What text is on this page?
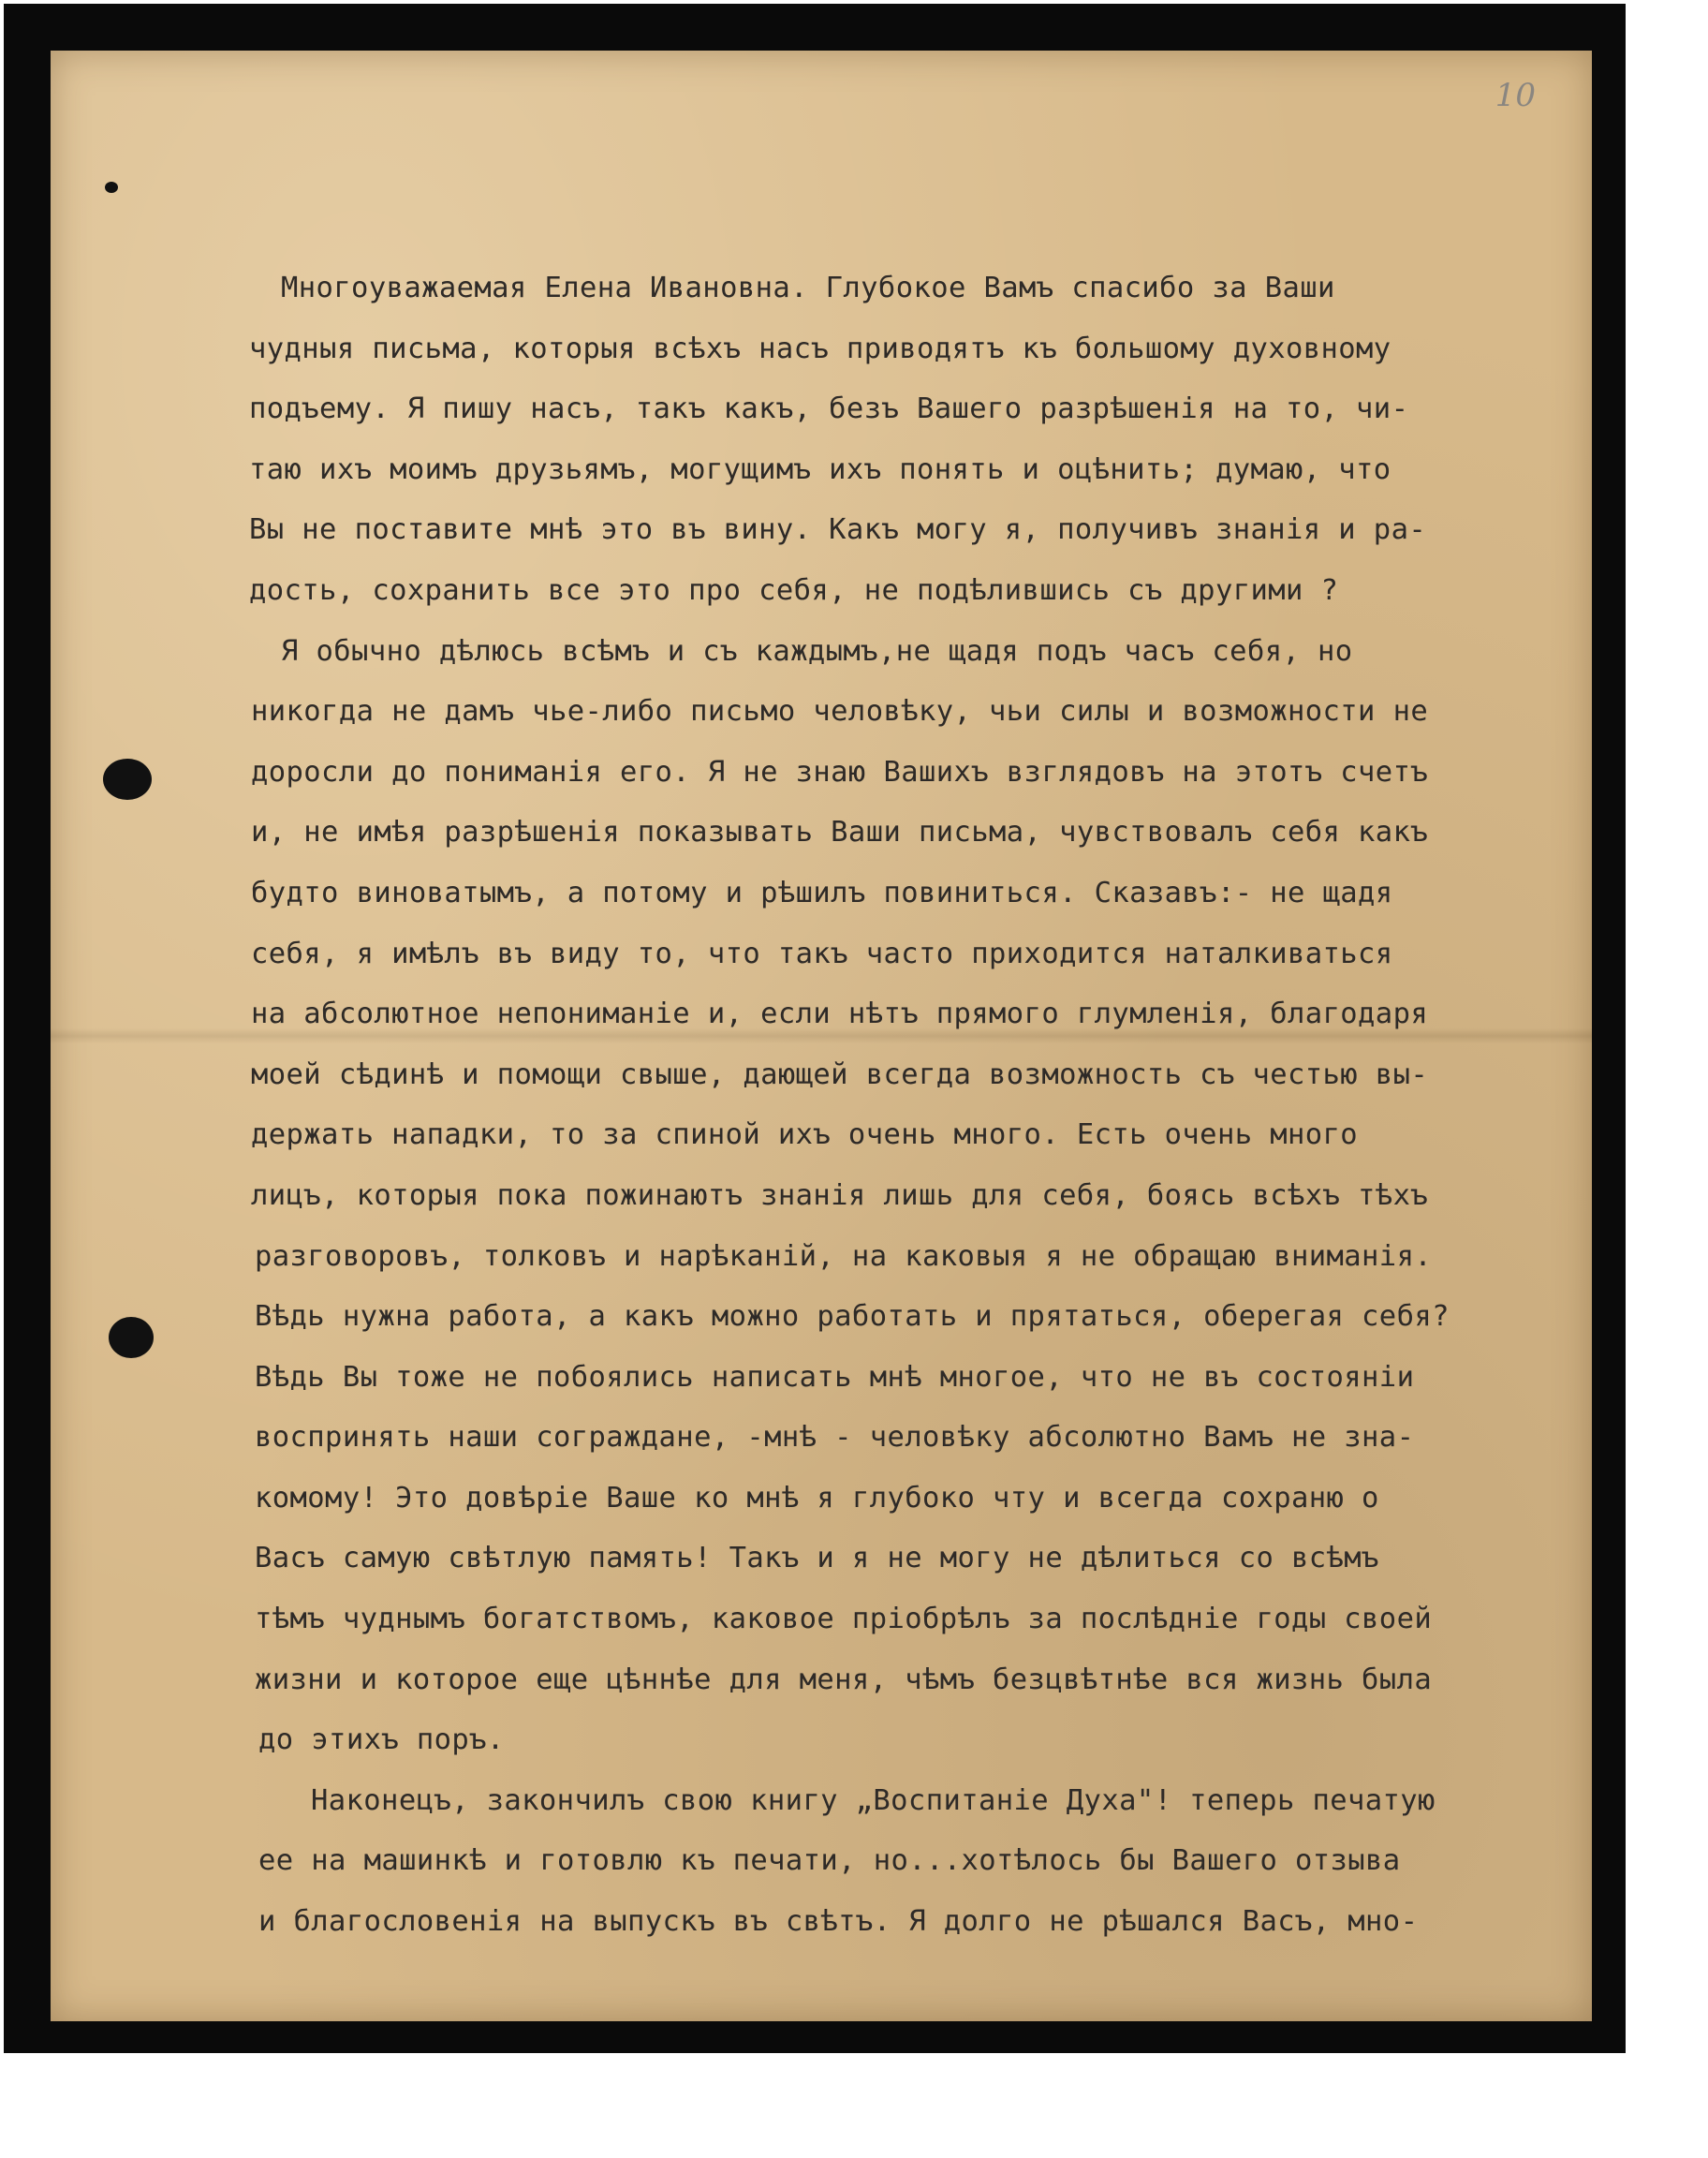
10
Многоуважаемая Елена Ивановна. Глубокое Вамъ спасибо за Ваши
чудныя письма, которыя всѣхъ насъ приводятъ къ большому духовному
подъему. Я пишу насъ, такъ какъ, безъ Вашего разрѣшенія на то, чи-
таю ихъ моимъ друзьямъ, могущимъ ихъ понять и оцѣнить; думаю, что
Вы не поставите мнѣ это въ вину. Какъ могу я, получивъ знанія и ра-
дость, сохранить все это про себя, не подѣлившись съ другими ?
Я обычно дѣлюсь всѣмъ и съ каждымъ,не щадя подъ часъ себя, но
никогда не дамъ чье-либо письмо человѣку, чьи силы и возможности не
доросли до пониманія его. Я не знаю Вашихъ взглядовъ на этотъ счетъ
и, не имѣя разрѣшенія показывать Ваши письма, чувствовалъ себя какъ
будто виноватымъ, а потому и рѣшилъ повиниться. Сказавъ:- не щадя
себя, я имѣлъ въ виду то, что такъ часто приходится наталкиваться
на абсолютное непониманіе и, если нѣтъ прямого глумленія, благодаря
моей сѣдинѣ и помощи свыше, дающей всегда возможность съ честью вы-
держать нападки, то за спиной ихъ очень много. Есть очень много
лицъ, которыя пока пожинаютъ знанія лишь для себя, боясь всѣхъ тѣхъ
разговоровъ, толковъ и нарѣканій, на каковыя я не обращаю вниманія.
Вѣдь нужна работа, а какъ можно работать и прятаться, оберегая себя?
Вѣдь Вы тоже не побоялись написать мнѣ многое, что не въ состояніи
воспринять наши сограждане, -мнѣ - человѣку абсолютно Вамъ не зна-
комому! Это довѣріе Ваше ко мнѣ я глубоко чту и всегда сохраню о
Васъ самую свѣтлую память! Такъ и я не могу не дѣлиться со всѣмъ
тѣмъ чуднымъ богатствомъ, каковое пріобрѣлъ за послѣдніе годы своей
жизни и которое еще цѣннѣе для меня, чѣмъ безцвѣтнѣе вся жизнь была
до этихъ поръ.
Наконецъ, закончилъ свою книгу „Воспитаніе Духа"! теперь печатую
ее на машинкѣ и готовлю къ печати, но...хотѣлось бы Вашего отзыва
и благословенія на выпускъ въ свѣтъ. Я долго не рѣшался Васъ, мно-
